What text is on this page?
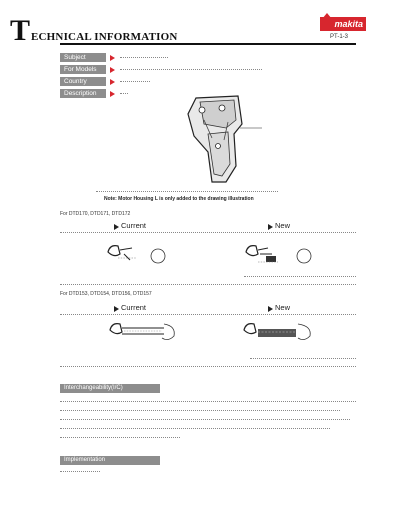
T ECHNICAL INFORMATION
makita
PT-1-3
Subject
For Models
Country
Description
Note: Motor Housing L is only added to the drawing illustration
For DTD170, DTD171, DTD172
Current	New
For DTD153, DTD154, DTD156, DTD157
Current	New
Interchangeability(I/C)
Implementation
